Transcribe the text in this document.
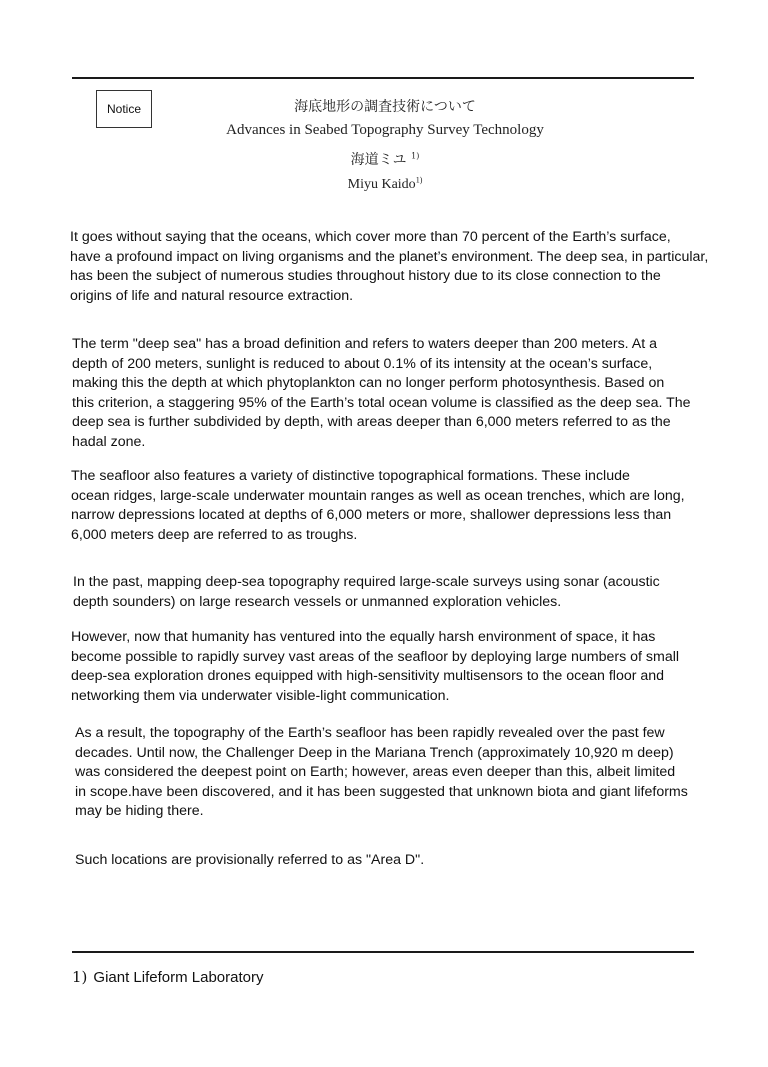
Notice	海底地形の調査技術について
Advances in Seabed Topography Survey Technology
海道ミユ $^{1)}$
Miyu Kaido$^{1)}$

It goes without saying that the oceans, which cover more than 70 percent of the Earth’s surface,
have a profound impact on living organisms and the planet’s environment. The deep sea, in particular,
has been the subject of numerous studies throughout history due to its close connection to the
origins of life and natural resource extraction.

The term "deep sea" has a broad definition and refers to waters deeper than 200 meters. At a
depth of 200 meters, sunlight is reduced to about 0.1% of its intensity at the ocean’s surface,
making this the depth at which phytoplankton can no longer perform photosynthesis. Based on
this criterion, a staggering 95% of the Earth’s total ocean volume is classified as the deep sea. The
deep sea is further subdivided by depth, with areas deeper than 6,000 meters referred to as the
hadal zone.

The seafloor also features a variety of distinctive topographical formations. These include
ocean ridges, large-scale underwater mountain ranges as well as ocean trenches, which are long,
narrow depressions located at depths of 6,000 meters or more, shallower depressions less than
6,000 meters deep are referred to as troughs.

In the past, mapping deep-sea topography required large-scale surveys using sonar (acoustic
depth sounders) on large research vessels or unmanned exploration vehicles.

However, now that humanity has ventured into the equally harsh environment of space, it has
become possible to rapidly survey vast areas of the seafloor by deploying large numbers of small
deep-sea exploration drones equipped with high-sensitivity multisensors to the ocean floor and
networking them via underwater visible-light communication.

As a result, the topography of the Earth’s seafloor has been rapidly revealed over the past few
decades. Until now, the Challenger Deep in the Mariana Trench (approximately 10,920 m deep)
was considered the deepest point on Earth; however, areas even deeper than this, albeit limited
in scope.have been discovered, and it has been suggested that unknown biota and giant lifeforms
may be hiding there.

Such locations are provisionally referred to as "Area D".

1) Giant Lifeform Laboratory
